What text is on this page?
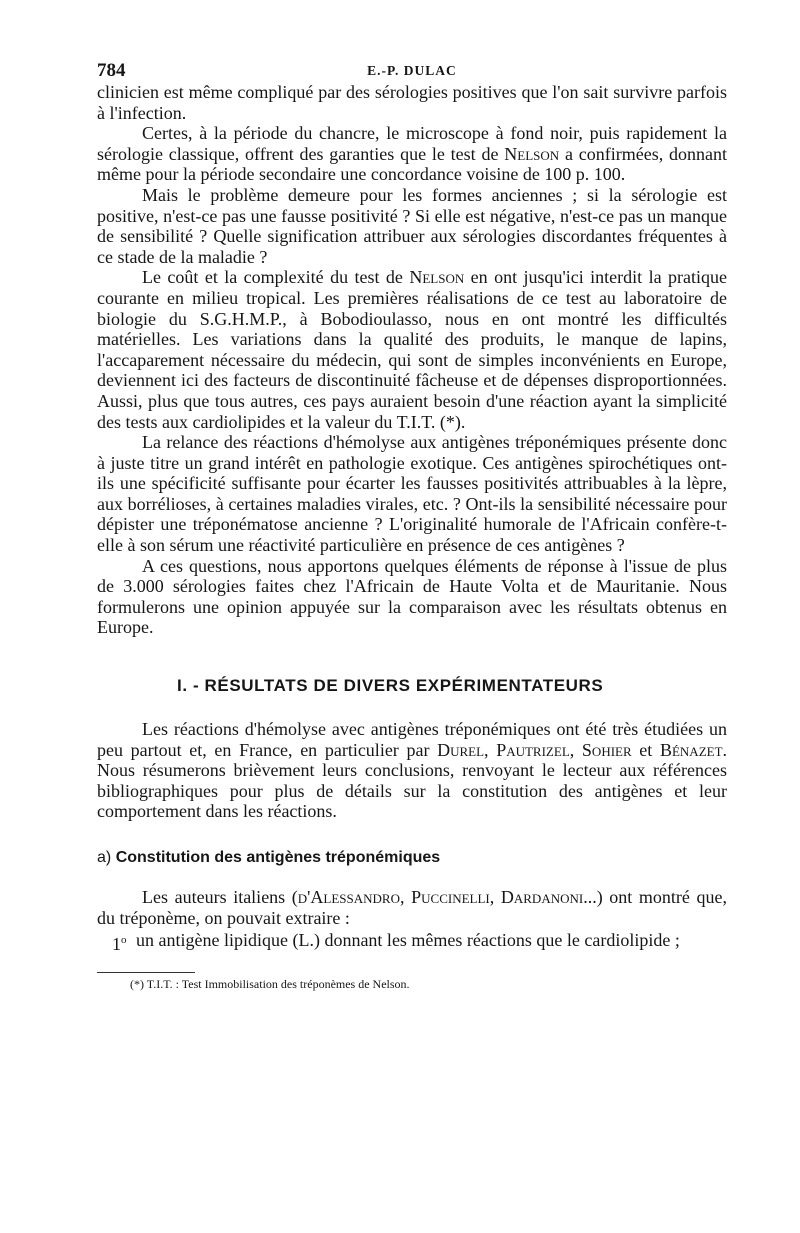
784	E.-P. DULAC

clinicien est même compliqué par des sérologies positives que l'on sait survivre parfois à l'infection.

Certes, à la période du chancre, le microscope à fond noir, puis rapidement la sérologie classique, offrent des garanties que le test de Nelson a confirmées, donnant même pour la période secondaire une concordance voisine de 100 p. 100.

Mais le problème demeure pour les formes anciennes ; si la sérologie est positive, n'est-ce pas une fausse positivité ? Si elle est négative, n'est-ce pas un manque de sensibilité ? Quelle signification attribuer aux sérologies discordantes fréquentes à ce stade de la maladie ?

Le coût et la complexité du test de Nelson en ont jusqu'ici interdit la pratique courante en milieu tropical. Les premières réalisations de ce test au laboratoire de biologie du S.G.H.M.P., à Bobodioulasso, nous en ont montré les difficultés matérielles. Les variations dans la qualité des produits, le manque de lapins, l'accaparement nécessaire du médecin, qui sont de simples inconvénients en Europe, deviennent ici des facteurs de discontinuité fâcheuse et de dépenses disproportionnées. Aussi, plus que tous autres, ces pays auraient besoin d'une réaction ayant la simplicité des tests aux cardiolipides et la valeur du T.I.T. (*).

La relance des réactions d'hémolyse aux antigènes tréponémiques présente donc à juste titre un grand intérêt en pathologie exotique. Ces antigènes spirochétiques ont-ils une spécificité suffisante pour écarter les fausses positivités attribuables à la lèpre, aux borrélioses, à certaines maladies virales, etc. ? Ont-ils la sensibilité nécessaire pour dépister une tréponématose ancienne ? L'originalité humorale de l'Africain confère-t-elle à son sérum une réactivité particulière en présence de ces antigènes ?

A ces questions, nous apportons quelques éléments de réponse à l'issue de plus de 3.000 sérologies faites chez l'Africain de Haute Volta et de Mauritanie. Nous formulerons une opinion appuyée sur la comparaison avec les résultats obtenus en Europe.

I. - RÉSULTATS DE DIVERS EXPÉRIMENTATEURS

Les réactions d'hémolyse avec antigènes tréponémiques ont été très étudiées un peu partout et, en France, en particulier par Durel, Pautrizel, Sohier et Bénazet. Nous résumerons brièvement leurs conclusions, renvoyant le lecteur aux références bibliographiques pour plus de détails sur la constitution des antigènes et leur comportement dans les réactions.

a) Constitution des antigènes tréponémiques

Les auteurs italiens (d'Alessandro, Puccinelli, Dardanoni...) ont montré que, du tréponème, on pouvait extraire :

1$^o$ un antigène lipidique (L.) donnant les mêmes réactions que le cardiolipide ;
(*) T.I.T. : Test Immobilisation des tréponèmes de Nelson.
